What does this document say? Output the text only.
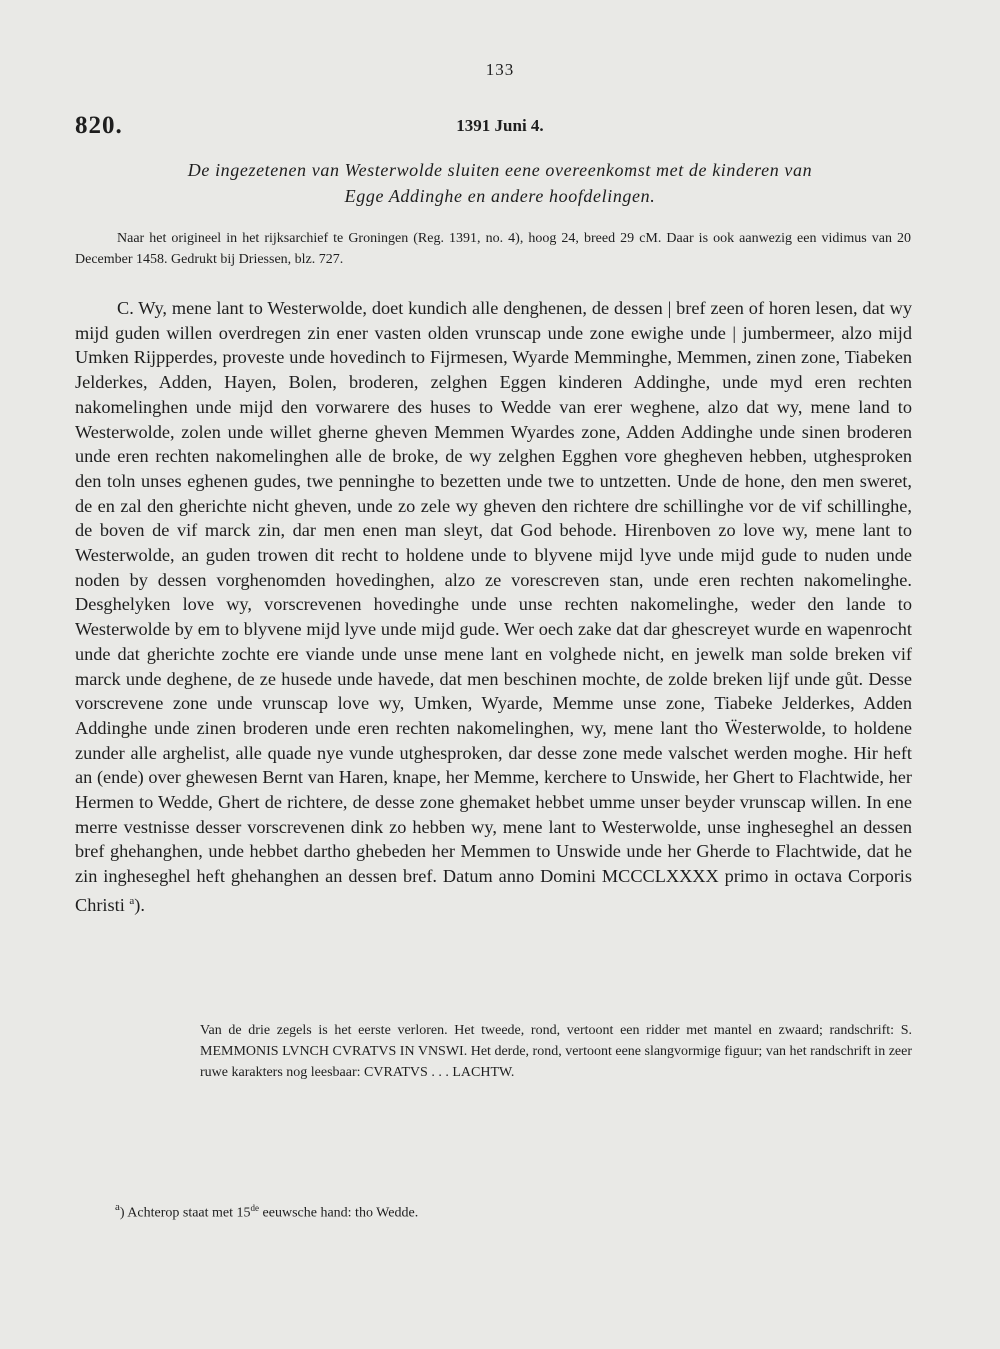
133
820.	1391 Juni 4.
De ingezetenen van Westerwolde sluiten eene overeenkomst met de kinderen van
Egge Addinghe en andere hoofdelingen.
Naar het origineel in het rijksarchief te Groningen (Reg. 1391, no. 4), hoog 24, breed 29 cM. Daar is ook aanwezig een vidimus van 20 December 1458. Gedrukt bij Driessen, blz. 727.
C. Wy, mene lant to Westerwolde, doet kundich alle denghenen, de dessen | bref zeen of horen lesen, dat wy mijd guden willen overdregen zin ener vasten olden vrunscap unde zone ewighe unde | jumbermeer, alzo mijd Umken Rijpperdes, proveste unde hovedinch to Fijrmesen, Wyarde Memminghe, Memmen, zinen zone, Tiabeken Jelderkes, Adden, Hayen, Bolen, broderen, zelghen Eggen kinderen Addinghe, unde myd eren rechten nakomelinghen unde mijd den vorwarere des huses to Wedde van erer weghene, alzo dat wy, mene land to Westerwolde, zolen unde willet gherne gheven Memmen Wyardes zone, Adden Addinghe unde sinen broderen unde eren rechten nakomelinghen alle de broke, de wy zelghen Egghen vore ghegheven hebben, utghesproken den toln unses eghenen gudes, twe penninghe to bezetten unde twe to untzetten. Unde de hone, den men sweret, de en zal den gherichte nicht gheven, unde zo zele wy gheven den richtere dre schillinghe vor de vif schillinghe, de boven de vif marck zin, dar men enen man sleyt, dat God behode. Hirenboven zo love wy, mene lant to Westerwolde, an guden trowen dit recht to holdene unde to blyvene mijd lyve unde mijd gude to nuden unde noden by dessen vorghenomden hovedinghen, alzo ze vorescreven stan, unde eren rechten nakomelinghe. Desghelyken love wy, vorscrevenen hovedinghe unde unse rechten nakomelinghe, weder den lande to Westerwolde by em to blyvene mijd lyve unde mijd gude. Wer oech zake dat dar ghescreyet wurde en wapenrocht unde dat gherichte zochte ere viande unde unse mene lant en volghede nicht, en jewelk man solde breken vif marck unde deghene, de ze husede unde havede, dat men beschinen mochte, de zolde breken lijf unde gůt. Desse vorscrevene zone unde vrunscap love wy, Umken, Wyarde, Memme unse zone, Tiabeke Jelderkes, Adden Addinghe unde zinen broderen unde eren rechten nakomelinghen, wy, mene lant tho Ẅesterwolde, to holdene zunder alle arghelist, alle quade nye vunde utghesproken, dar desse zone mede valschet werden moghe. Hir heft an (ende) over ghewesen Bernt van Haren, knape, her Memme, kerchere to Unswide, her Ghert to Flachtwide, her Hermen to Wedde, Ghert de richtere, de desse zone ghemaket hebbet umme unser beyder vrunscap willen. In ene merre vestnisse desser vorscrevenen dink zo hebben wy, mene lant to Westerwolde, unse ingheseghel an dessen bref ghehanghen, unde hebbet dartho ghebeden her Memmen to Unswide unde her Gherde to Flachtwide, dat he zin ingheseghel heft ghehanghen an dessen bref. Datum anno Domini MCCCLXXXX primo in octava Corporis Christi $^a$).
Van de drie zegels is het eerste verloren. Het tweede, rond, vertoont een ridder met mantel en zwaard; randschrift: S. MEMMONIS LVNCH CVRATVS IN VNSWI. Het derde, rond, vertoont eene slangvormige figuur; van het randschrift in zeer ruwe karakters nog leesbaar: CVRATVS . . . LACHTW.
$^a$) Achterop staat met 15de eeuwsche hand: tho Wedde.
